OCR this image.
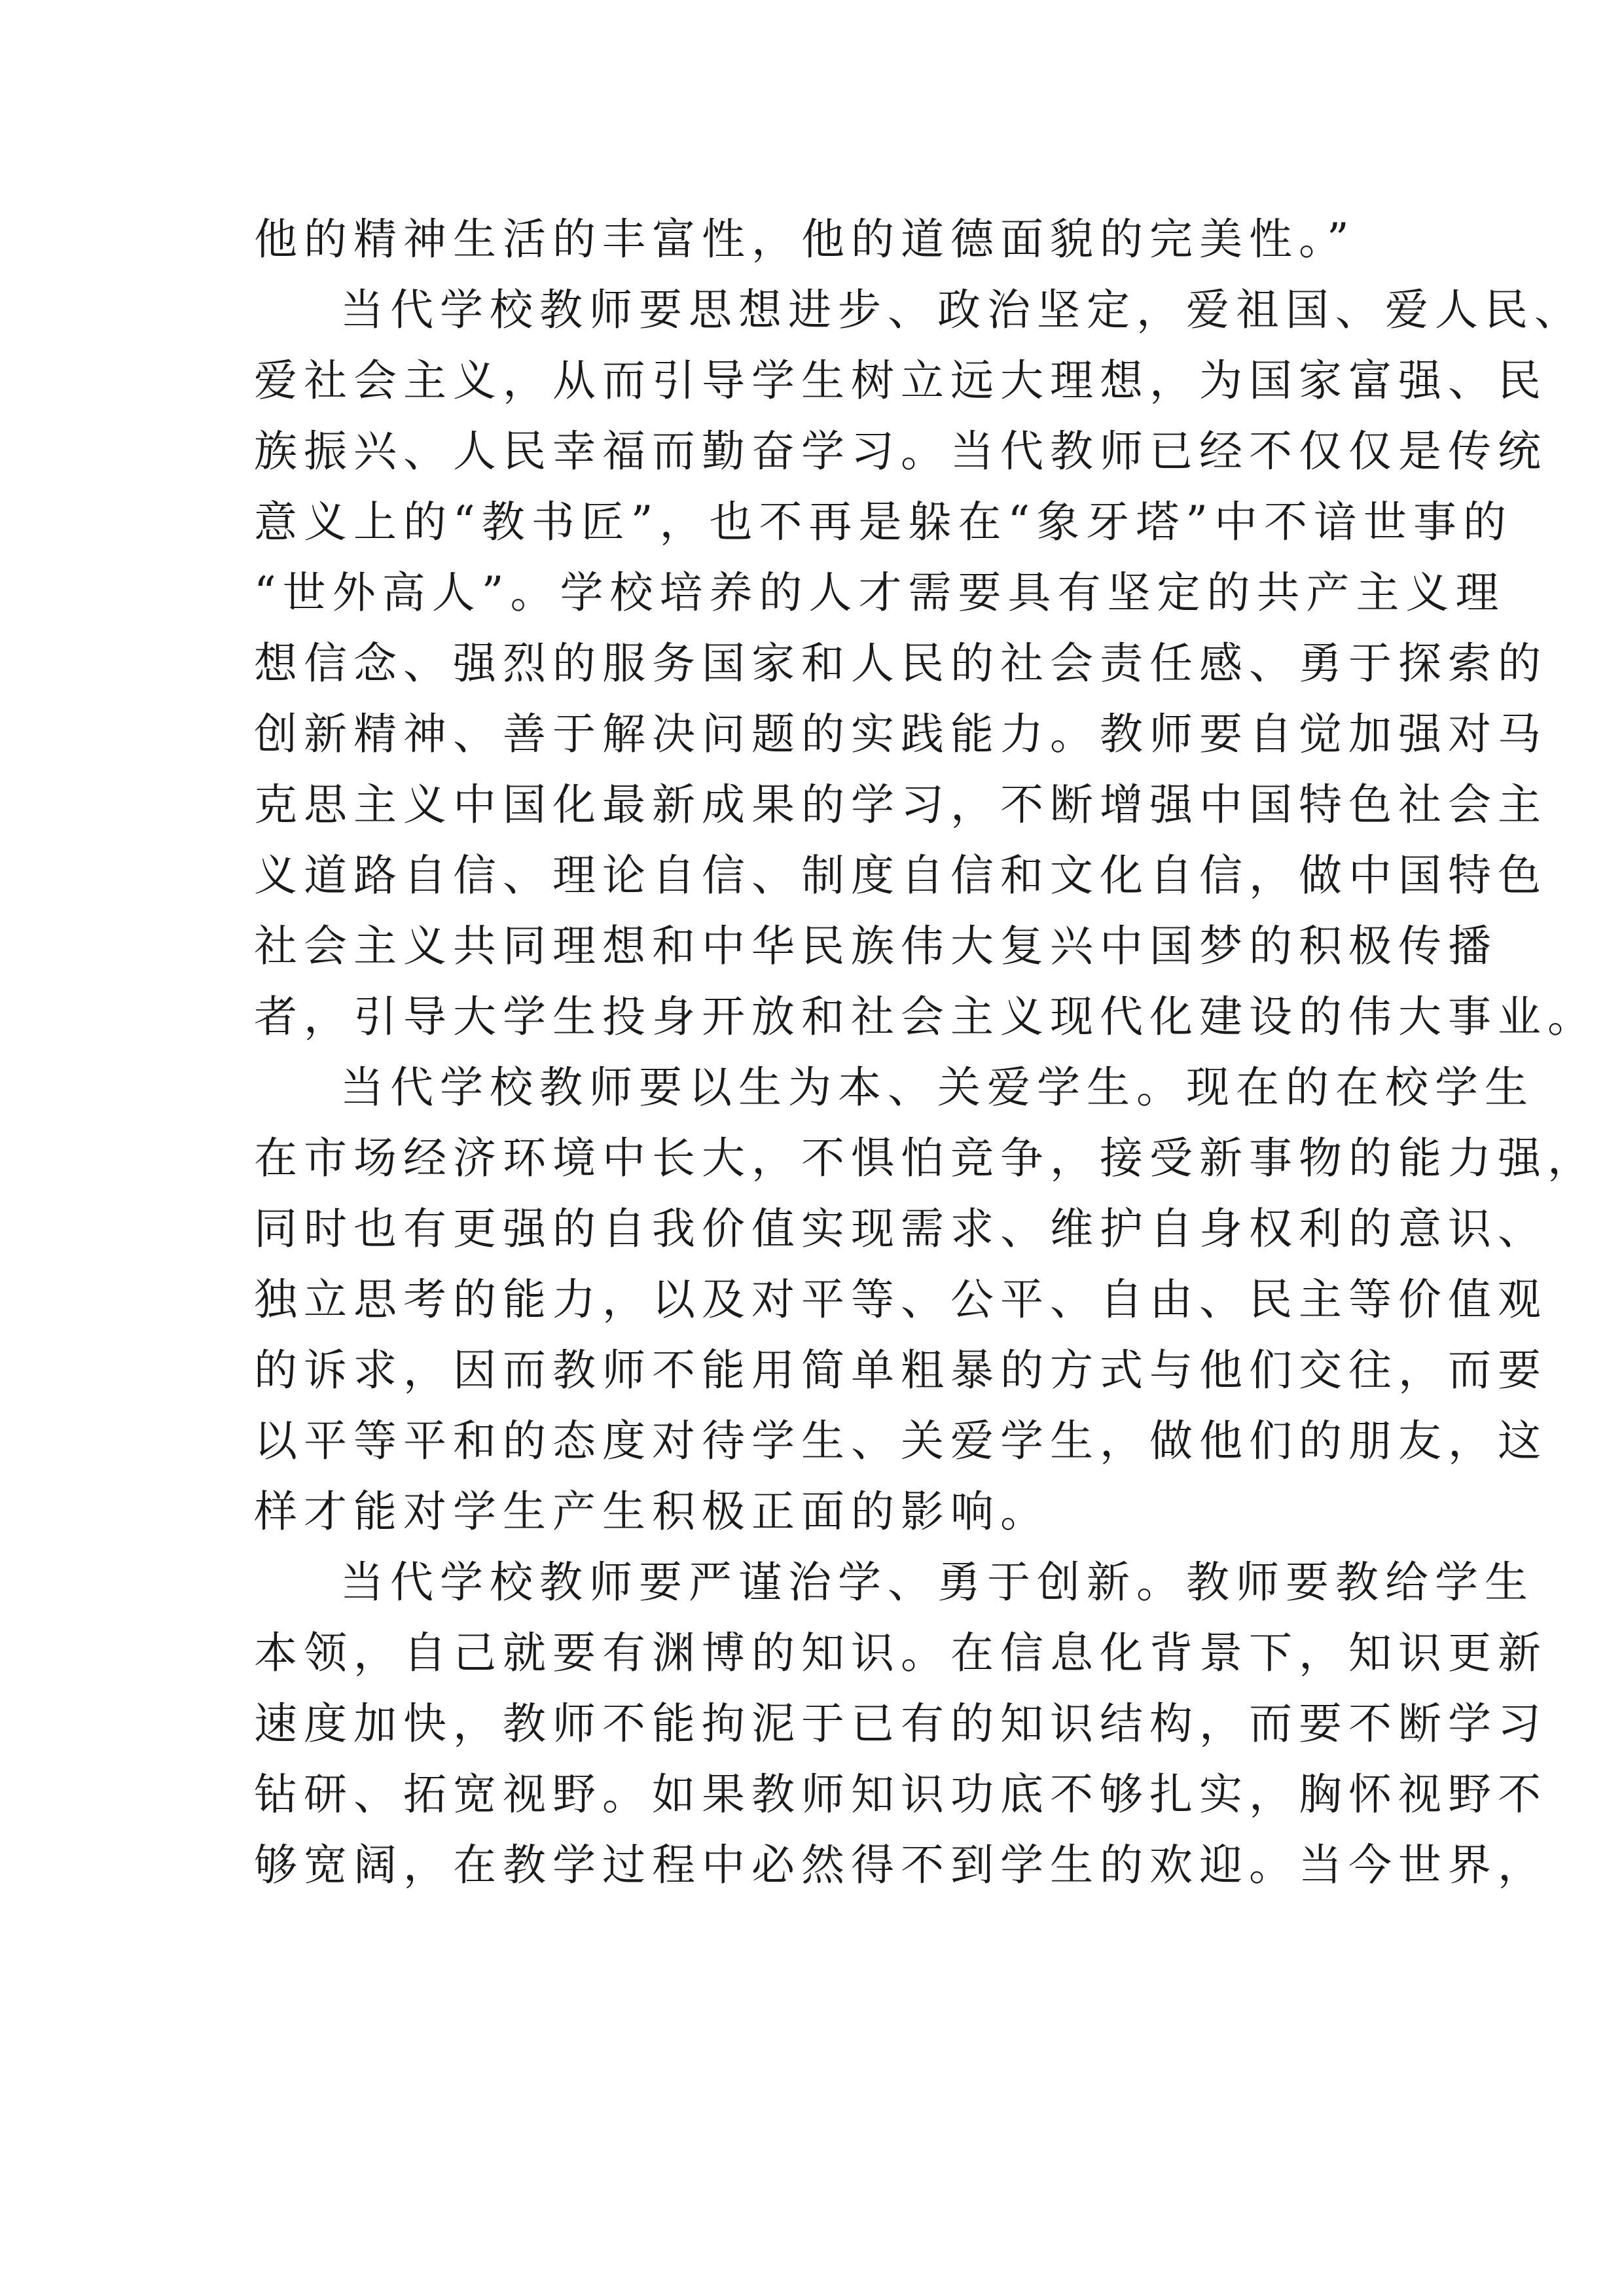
他的精神生活的丰富性，他的道德面貌的完美性。”
当代学校教师要思想进步、政治坚定，爱祖国、爱人民、
爱社会主义，从而引导学生树立远大理想，为国家富强、民
族振兴、人民幸福而勤奋学习。当代教师已经不仅仅是传统
意义上的“教书匠”，也不再是躲在“象牙塔”中不谙世事的
“世外高人”。学校培养的人才需要具有坚定的共产主义理
想信念、强烈的服务国家和人民的社会责任感、勇于探索的
创新精神、善于解决问题的实践能力。教师要自觉加强对马
克思主义中国化最新成果的学习，不断增强中国特色社会主
义道路自信、理论自信、制度自信和文化自信，做中国特色
社会主义共同理想和中华民族伟大复兴中国梦的积极传播
者，引导大学生投身开放和社会主义现代化建设的伟大事业。
当代学校教师要以生为本、关爱学生。现在的在校学生
在市场经济环境中长大，不惧怕竞争，接受新事物的能力强，
同时也有更强的自我价值实现需求、维护自身权利的意识、
独立思考的能力，以及对平等、公平、自由、民主等价值观
的诉求，因而教师不能用简单粗暴的方式与他们交往，而要
以平等平和的态度对待学生、关爱学生，做他们的朋友，这
样才能对学生产生积极正面的影响。
当代学校教师要严谨治学、勇于创新。教师要教给学生
本领，自己就要有渊博的知识。在信息化背景下，知识更新
速度加快，教师不能拘泥于已有的知识结构，而要不断学习
钻研、拓宽视野。如果教师知识功底不够扎实，胸怀视野不
够宽阔，在教学过程中必然得不到学生的欢迎。当今世界，
